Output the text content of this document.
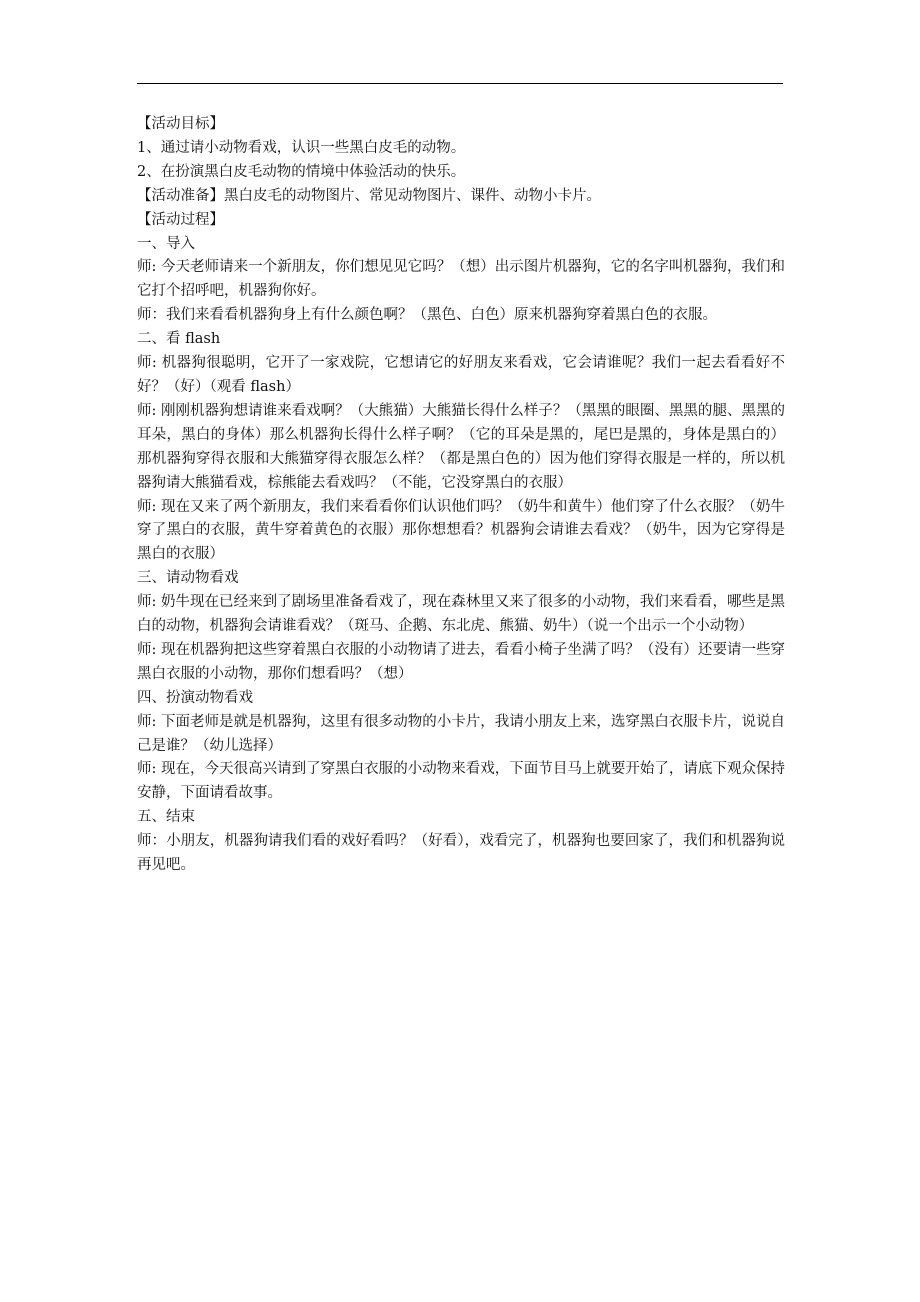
【活动目标】

1、通过请小动物看戏，认识一些黑白皮毛的动物。

2、在扮演黑白皮毛动物的情境中体验活动的快乐。

【活动准备】黑白皮毛的动物图片、常见动物图片、课件、动物小卡片。

【活动过程】

一、导入

师: 今天老师请来一个新朋友，你们想见见它吗？（想）出示图片机器狗，它的名字叫机器狗，我们和它打个招呼吧，机器狗你好。

师：我们来看看机器狗身上有什么颜色啊？（黑色、白色）原来机器狗穿着黑白色的衣服。

二、看 flash

师: 机器狗很聪明，它开了一家戏院，它想请它的好朋友来看戏，它会请谁呢？我们一起去看看好不好？（好）（观看 flash）

师: 刚刚机器狗想请谁来看戏啊？（大熊猫）大熊猫长得什么样子？（黑黑的眼圈、黑黑的腿、黑黑的耳朵，黑白的身体）那么机器狗长得什么样子啊？（它的耳朵是黑的，尾巴是黑的，身体是黑白的）那机器狗穿得衣服和大熊猫穿得衣服怎么样？（都是黑白色的）因为他们穿得衣服是一样的，所以机器狗请大熊猫看戏，棕熊能去看戏吗？（不能，它没穿黑白的衣服）

师: 现在又来了两个新朋友，我们来看看你们认识他们吗？（奶牛和黄牛）他们穿了什么衣服？（奶牛穿了黑白的衣服，黄牛穿着黄色的衣服）那你想想看？机器狗会请谁去看戏？（奶牛，因为它穿得是黑白的衣服）

三、请动物看戏

师: 奶牛现在已经来到了剧场里准备看戏了，现在森林里又来了很多的小动物，我们来看看，哪些是黑白的动物，机器狗会请谁看戏？（斑马、企鹅、东北虎、熊猫、奶牛）（说一个出示一个小动物）

师: 现在机器狗把这些穿着黑白衣服的小动物请了进去，看看小椅子坐满了吗？（没有）还要请一些穿黑白衣服的小动物，那你们想看吗？（想）

四、扮演动物看戏

师: 下面老师是就是机器狗，这里有很多动物的小卡片，我请小朋友上来，选穿黑白衣服卡片，说说自己是谁？（幼儿选择）

师: 现在，今天很高兴请到了穿黑白衣服的小动物来看戏，下面节目马上就要开始了，请底下观众保持安静，下面请看故事。

五、结束

师：小朋友，机器狗请我们看的戏好看吗？（好看），戏看完了，机器狗也要回家了，我们和机器狗说再见吧。
